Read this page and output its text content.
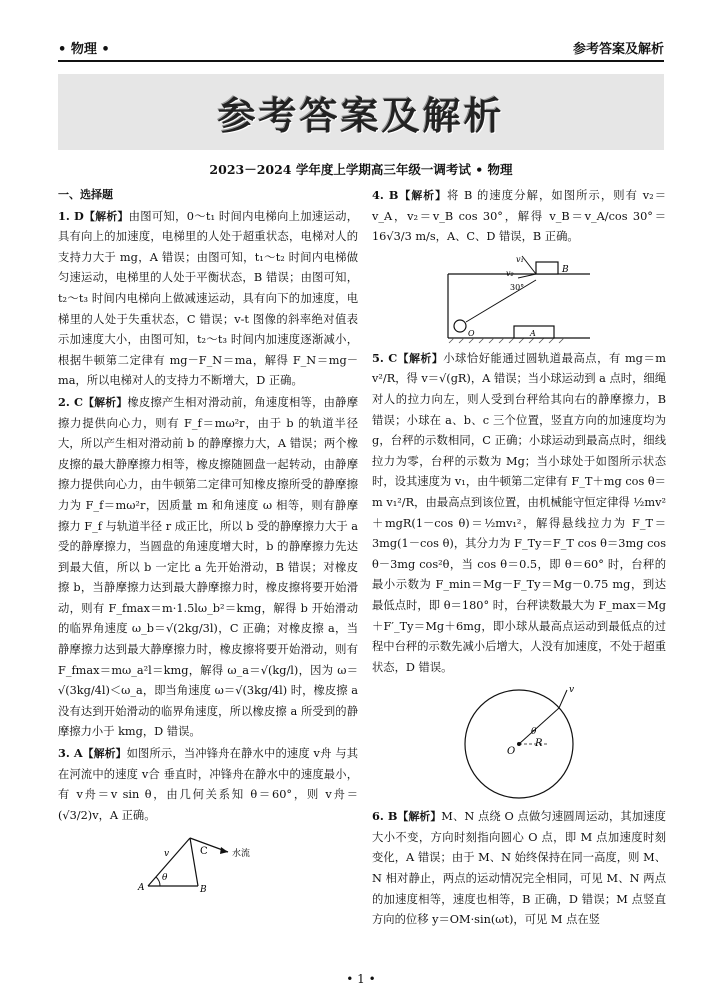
• 物理 •	参考答案及解析
参考答案及解析
2023－2024 学年度上学期高三年级一调考试 • 物理
一、选择题
1. D【解析】由图可知，0～t₁ 时间内电梯向上加速运动，具有向上的加速度，电梯里的人处于超重状态，电梯对人的支持力大于 mg，A 错误；由图可知，t₁～t₂ 时间内电梯做匀速运动，电梯里的人处于平衡状态，B 错误；由图可知，t₂～t₃ 时间内电梯向上做减速运动，具有向下的加速度，电梯里的人处于失重状态，C 错误；v-t 图像的斜率绝对值表示加速度大小，由图可知，t₂～t₃ 时间内加速度逐渐减小，根据牛顿第二定律有 mg－F_N＝ma，解得 F_N＝mg－ma，所以电梯对人的支持力不断增大，D 正确。
2. C【解析】橡皮擦产生相对滑动前，角速度相等，由静摩擦力提供向心力，则有 F_f＝mω²r，由于 b 的轨道半径大，所以产生相对滑动前 b 的静摩擦力大，A 错误；两个橡皮擦的最大静摩擦力相等，橡皮擦随圆盘一起转动，由静摩擦力提供向心力，由牛顿第二定律可知橡皮擦所受的静摩擦力为 F_f＝mω²r，因质量 m 和角速度 ω 相等，则有静摩擦力 F_f 与轨道半径 r 成正比，所以 b 受的静摩擦力大于 a 受的静摩擦力，当圆盘的角速度增大时，b 的静摩擦力先达到最大值，所以 b 一定比 a 先开始滑动，B 错误；对橡皮擦 b，当静摩擦力达到最大静摩擦力时，橡皮擦将要开始滑动，则有 F_fmax＝m·1.5lω_b²＝kmg，解得 b 开始滑动的临界角速度 ω_b＝√(2kg/3l)，C 正确；对橡皮擦 a，当静摩擦力达到最大静摩擦力时，橡皮擦将要开始滑动，则有 F_fmax＝mω_a²l＝kmg，解得 ω_a＝√(kg/l)，因为 ω＝√(3kg/4l)＜ω_a，即当角速度 ω＝√(3kg/4l) 时，橡皮擦 a 没有达到开始滑动的临界角速度，所以橡皮擦 a 所受到的静摩擦力小于 kmg，D 错误。
3. A【解析】如图所示，当冲锋舟在静水中的速度 v舟 与其在河流中的速度 v合 垂直时，冲锋舟在静水中的速度最小，有 v舟＝v sin θ，由几何关系知 θ＝60°，则 v舟＝(√3/2)v，A 正确。
θ
v	C	水流
A	B
4. B【解析】将 B 的速度分解，如图所示，则有 v₂＝v_A，v₂＝v_B cos 30°，解得 v_B＝v_A/cos 30°＝16√3/3 m/s，A、C、D 错误，B 正确。
B
A
O
30°
v₁
v₂
5. C【解析】小球恰好能通过圆轨道最高点，有 mg＝m v²/R，得 v＝√(gR)，A 错误；当小球运动到 a 点时，细绳对人的拉力向左，则人受到台秤给其向右的静摩擦力，B 错误；小球在 a、b、c 三个位置，竖直方向的加速度均为 g，台秤的示数相同，C 正确；小球运动到最高点时，细线拉力为零，台秤的示数为 Mg；当小球处于如图所示状态时，设其速度为 v₁，由牛顿第二定律有 F_T＋mg cos θ＝m v₁²/R，由最高点到该位置，由机械能守恒定律得 ½mv²＋mgR(1－cos θ)＝½mv₁²，解得悬线拉力为 F_T＝3mg(1－cos θ)，其分力为 F_Ty＝F_T cos θ＝3mg cos θ－3mg cos²θ，当 cos θ＝0.5，即 θ＝60° 时，台秤的最小示数为 F_min＝Mg－F_Ty＝Mg－0.75 mg，到达最低点时，即 θ＝180° 时，台秤读数最大为 F_max＝Mg＋F′_Ty＝Mg＋6mg，即小球从最高点运动到最低点的过程中台秤的示数先减小后增大，人没有加速度，不处于超重状态，D 错误。
O
R
θ
v
6. B【解析】M、N 点绕 O 点做匀速圆周运动，其加速度大小不变，方向时刻指向圆心 O 点，即 M 点加速度时刻变化，A 错误；由于 M、N 始终保持在同一高度，则 M、N 相对静止，两点的运动情况完全相同，可见 M、N 两点的加速度相等，速度也相等，B 正确，D 错误；M 点竖直方向的位移 y＝OM·sin(ωt)，可见 M 点在竖
• 1 •
